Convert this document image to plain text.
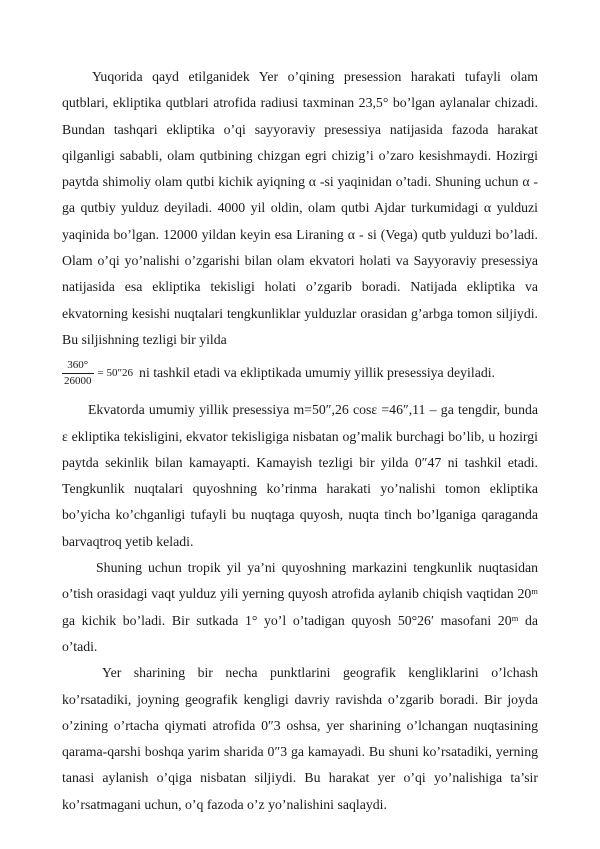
Yuqorida qayd etilganidek Yer o’qining presession harakati tufayli olam qutblari, ekliptika qutblari atrofida radiusi taxminan 23,5° bo’lgan aylanalar chizadi. Bundan tashqari ekliptika o’qi sayyoraviy presessiya natijasida fazoda harakat qilganligi sababli, olam qutbining chizgan egri chizig’i o’zaro kesishmaydi. Hozirgi paytda shimoliy olam qutbi kichik ayiqning α -si yaqinidan o’tadi. Shuning uchun α -ga qutbiy yulduz deyiladi. 4000 yil oldin, olam qutbi Ajdar turkumidagi α yulduzi yaqinida bo’lgan. 12000 yildan keyin esa Liraning α - si (Vega) qutb yulduzi bo’ladi. Olam o’qi yo’nalishi o’zgarishi bilan olam ekvatori holati va Sayyoraviy presessiya natijasida esa ekliptika tekisligi holati o’zgarib boradi. Natijada ekliptika va ekvatorning kesishi nuqtalari tengkunliklar yulduzlar orasidan g’arbga tomon siljiydi. Bu siljishning tezligi bir yilda

$\frac{360^\circ}{26000} = 50''26$ ni tashkil etadi va ekliptikada umumiy yillik presessiya deyiladi.

Ekvatorda umumiy yillik presessiya m=50″,26 cosε =46″,11 – ga tengdir, bunda ε ekliptika tekisligini, ekvator tekisligiga nisbatan og’malik burchagi bo’lib, u hozirgi paytda sekinlik bilan kamayapti. Kamayish tezligi bir yilda 0″47 ni tashkil etadi. Tengkunlik nuqtalari quyoshning ko’rinma harakati yo’nalishi tomon ekliptika bo’yicha ko’chganligi tufayli bu nuqtaga quyosh, nuqta tinch bo’lganiga qaraganda barvaqtroq yetib keladi.

Shuning uchun tropik yil ya’ni quyoshning markazini tengkunlik nuqtasidan o’tish orasidagi vaqt yulduz yili yerning quyosh atrofida aylanib chiqish vaqtidan 20ᵐ ga kichik bo’ladi. Bir sutkada 1° yo’l o’tadigan quyosh 50°26′ masofani 20ᵐ da o’tadi.

Yer sharining bir necha punktlarini geografik kengliklarini o’lchash ko’rsatadiki, joyning geografik kengligi davriy ravishda o’zgarib boradi. Bir joyda o’zining o’rtacha qiymati atrofida 0″3 oshsa, yer sharining o’lchangan nuqtasining qarama-qarshi boshqa yarim sharida 0″3 ga kamayadi. Bu shuni ko’rsatadiki, yerning tanasi aylanish o’qiga nisbatan siljiydi. Bu harakat yer o’qi yo’nalishiga ta’sir ko’rsatmagani uchun, o’q fazoda o’z yo’nalishini saqlaydi.
